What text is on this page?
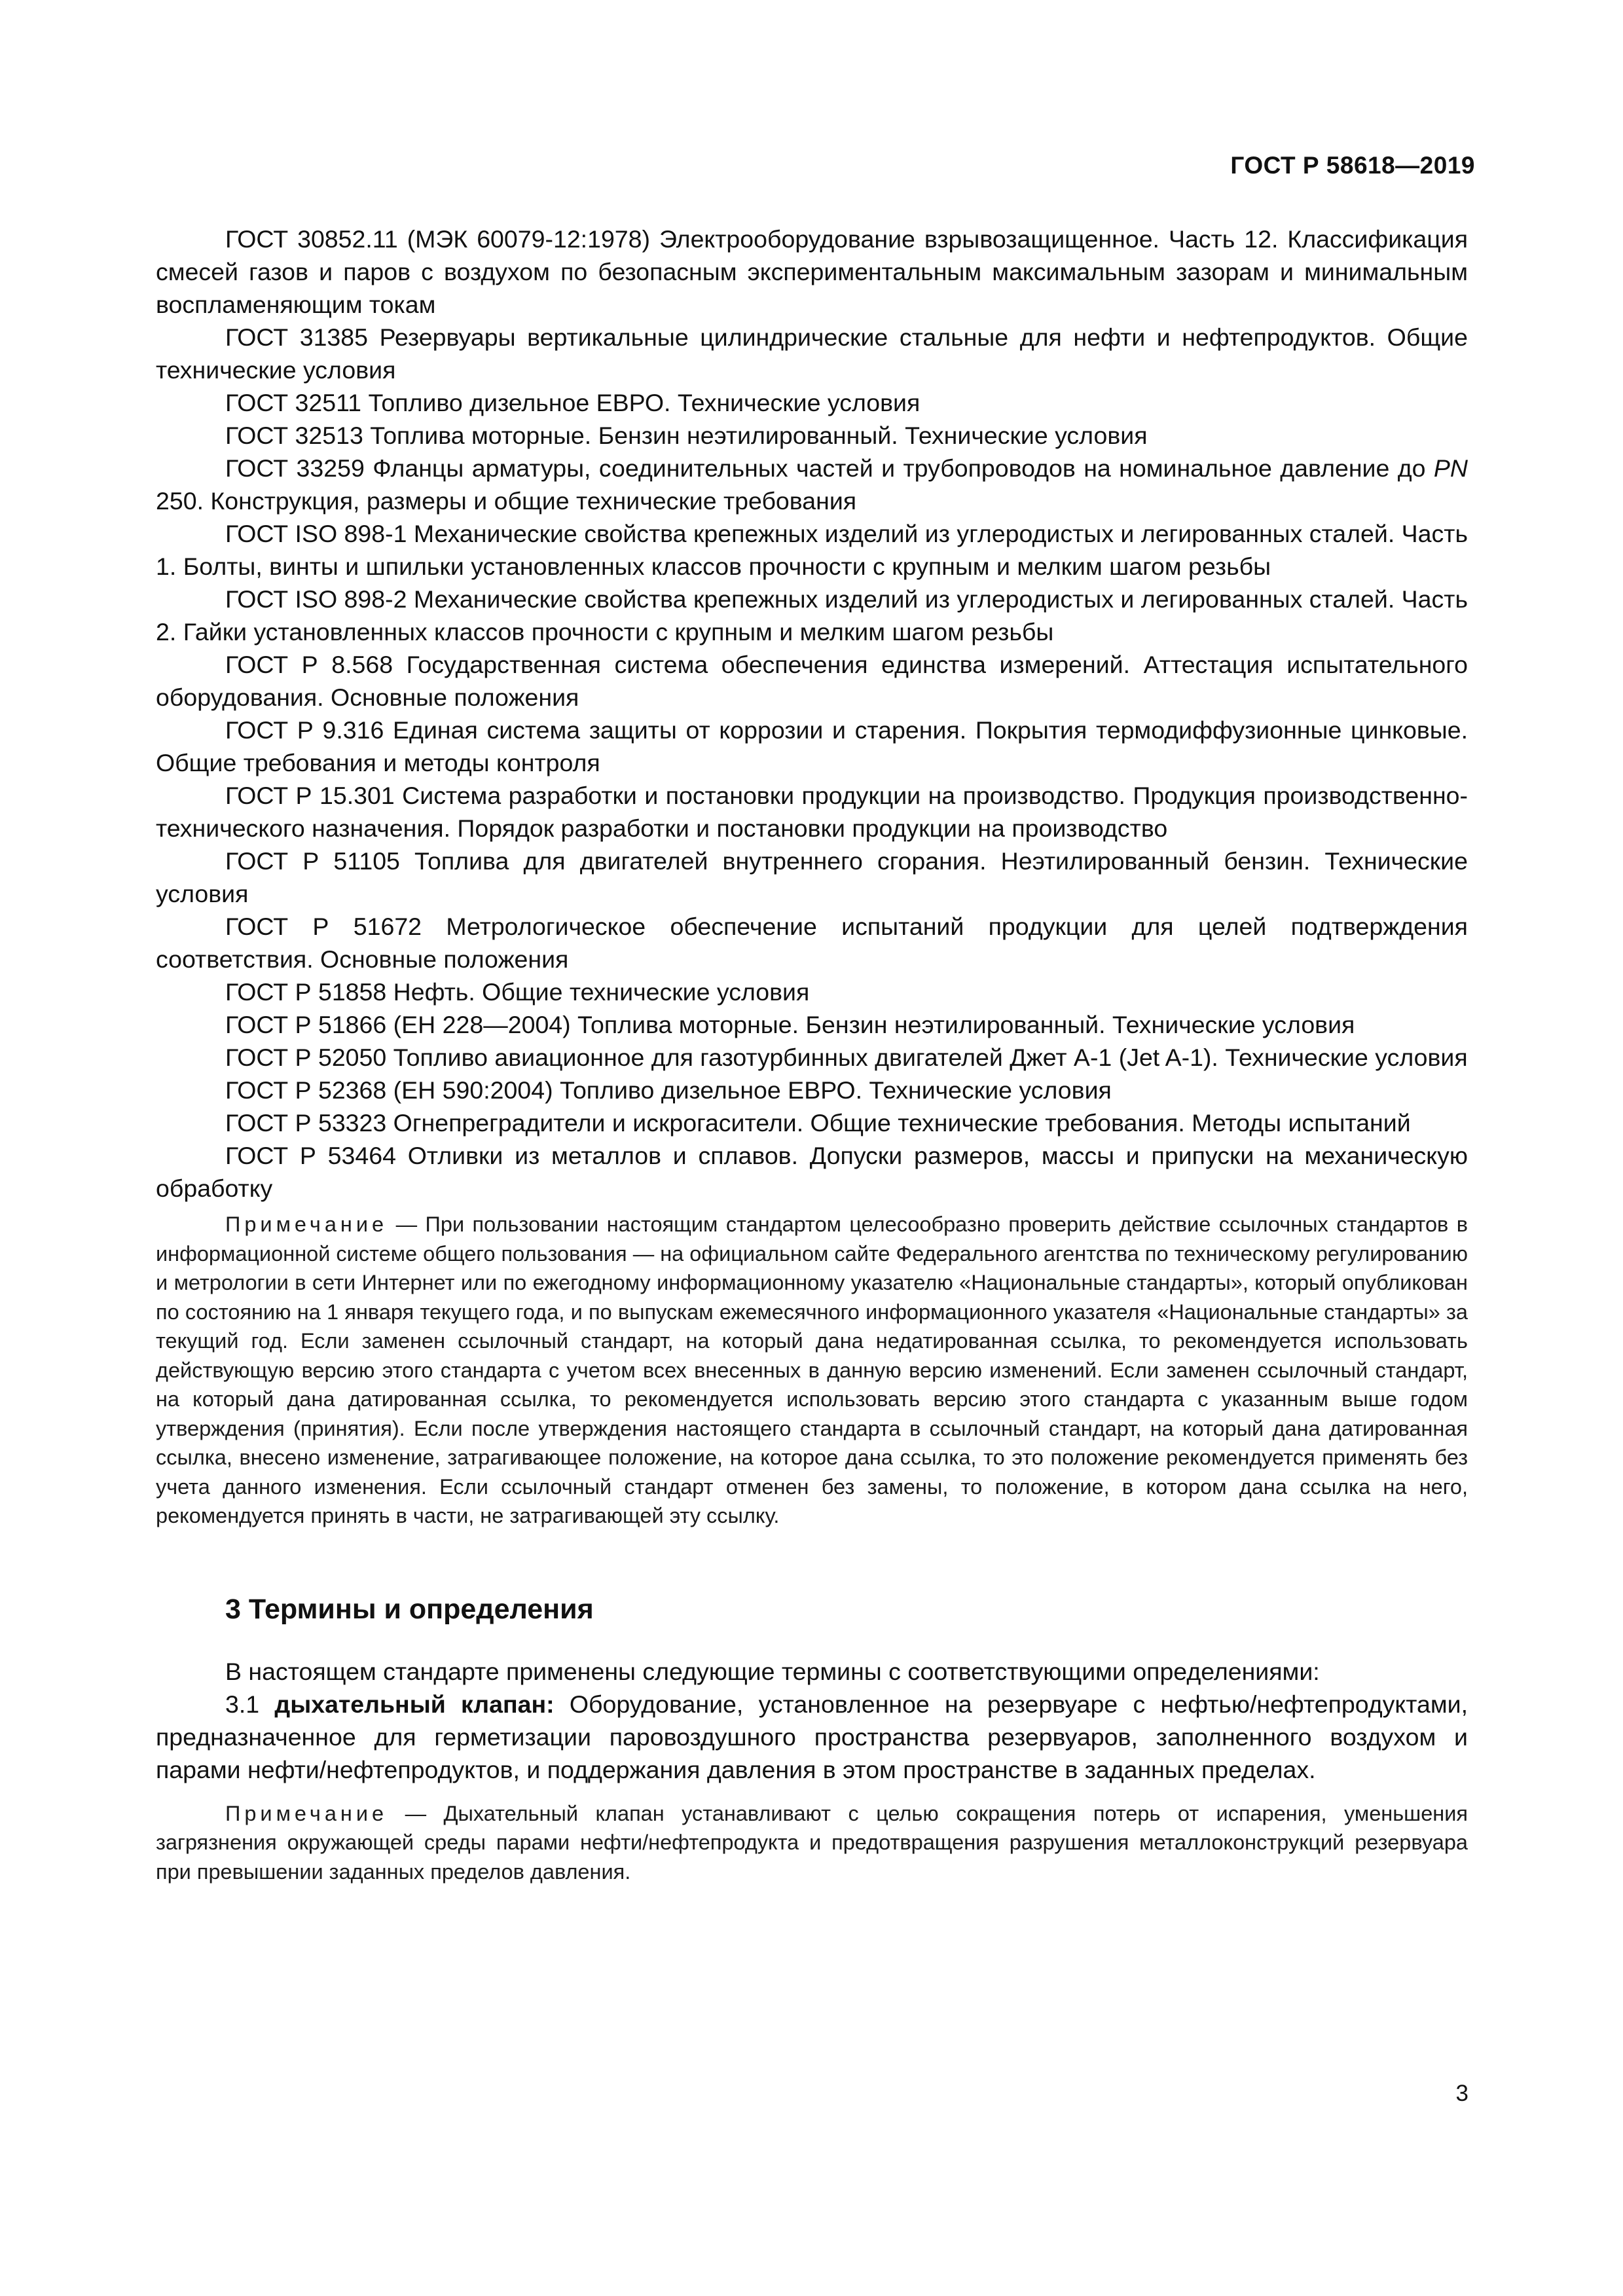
ГОСТ Р 58618—2019

ГОСТ 30852.11 (МЭК 60079-12:1978) Электрооборудование взрывозащищенное. Часть 12. Классификация смесей газов и паров с воздухом по безопасным экспериментальным максимальным зазорам и минимальным воспламеняющим токам

ГОСТ 31385 Резервуары вертикальные цилиндрические стальные для нефти и нефтепродуктов. Общие технические условия

ГОСТ 32511 Топливо дизельное ЕВРО. Технические условия

ГОСТ 32513 Топлива моторные. Бензин неэтилированный. Технические условия

ГОСТ 33259 Фланцы арматуры, соединительных частей и трубопроводов на номинальное давление до PN 250. Конструкция, размеры и общие технические требования

ГОСТ ISO 898-1 Механические свойства крепежных изделий из углеродистых и легированных сталей. Часть 1. Болты, винты и шпильки установленных классов прочности с крупным и мелким шагом резьбы

ГОСТ ISO 898-2 Механические свойства крепежных изделий из углеродистых и легированных сталей. Часть 2. Гайки установленных классов прочности с крупным и мелким шагом резьбы

ГОСТ Р 8.568 Государственная система обеспечения единства измерений. Аттестация испытательного оборудования. Основные положения

ГОСТ Р 9.316 Единая система защиты от коррозии и старения. Покрытия термодиффузионные цинковые. Общие требования и методы контроля

ГОСТ Р 15.301 Система разработки и постановки продукции на производство. Продукция производственно-технического назначения. Порядок разработки и постановки продукции на производство

ГОСТ Р 51105 Топлива для двигателей внутреннего сгорания. Неэтилированный бензин. Технические условия

ГОСТ Р 51672 Метрологическое обеспечение испытаний продукции для целей подтверждения соответствия. Основные положения

ГОСТ Р 51858 Нефть. Общие технические условия

ГОСТ Р 51866 (ЕН 228—2004) Топлива моторные. Бензин неэтилированный. Технические условия

ГОСТ Р 52050 Топливо авиационное для газотурбинных двигателей Джет А-1 (Jet A-1). Технические условия

ГОСТ Р 52368 (ЕН 590:2004) Топливо дизельное ЕВРО. Технические условия

ГОСТ Р 53323 Огнепреградители и искрогасители. Общие технические требования. Методы испытаний

ГОСТ Р 53464 Отливки из металлов и сплавов. Допуски размеров, массы и припуски на механическую обработку

Примечание — При пользовании настоящим стандартом целесообразно проверить действие ссылочных стандартов в информационной системе общего пользования — на официальном сайте Федерального агентства по техническому регулированию и метрологии в сети Интернет или по ежегодному информационному указателю «Национальные стандарты», который опубликован по состоянию на 1 января текущего года, и по выпускам ежемесячного информационного указателя «Национальные стандарты» за текущий год. Если заменен ссылочный стандарт, на который дана недатированная ссылка, то рекомендуется использовать действующую версию этого стандарта с учетом всех внесенных в данную версию изменений. Если заменен ссылочный стандарт, на который дана датированная ссылка, то рекомендуется использовать версию этого стандарта с указанным выше годом утверждения (принятия). Если после утверждения настоящего стандарта в ссылочный стандарт, на который дана датированная ссылка, внесено изменение, затрагивающее положение, на которое дана ссылка, то это положение рекомендуется применять без учета данного изменения. Если ссылочный стандарт отменен без замены, то положение, в котором дана ссылка на него, рекомендуется принять в части, не затрагивающей эту ссылку.

3 Термины и определения

В настоящем стандарте применены следующие термины с соответствующими определениями:

3.1 дыхательный клапан: Оборудование, установленное на резервуаре с нефтью/нефтепродуктами, предназначенное для герметизации паровоздушного пространства резервуаров, заполненного воздухом и парами нефти/нефтепродуктов, и поддержания давления в этом пространстве в заданных пределах.

Примечание — Дыхательный клапан устанавливают с целью сокращения потерь от испарения, уменьшения загрязнения окружающей среды парами нефти/нефтепродукта и предотвращения разрушения металлоконструкций резервуара при превышении заданных пределов давления.

3
